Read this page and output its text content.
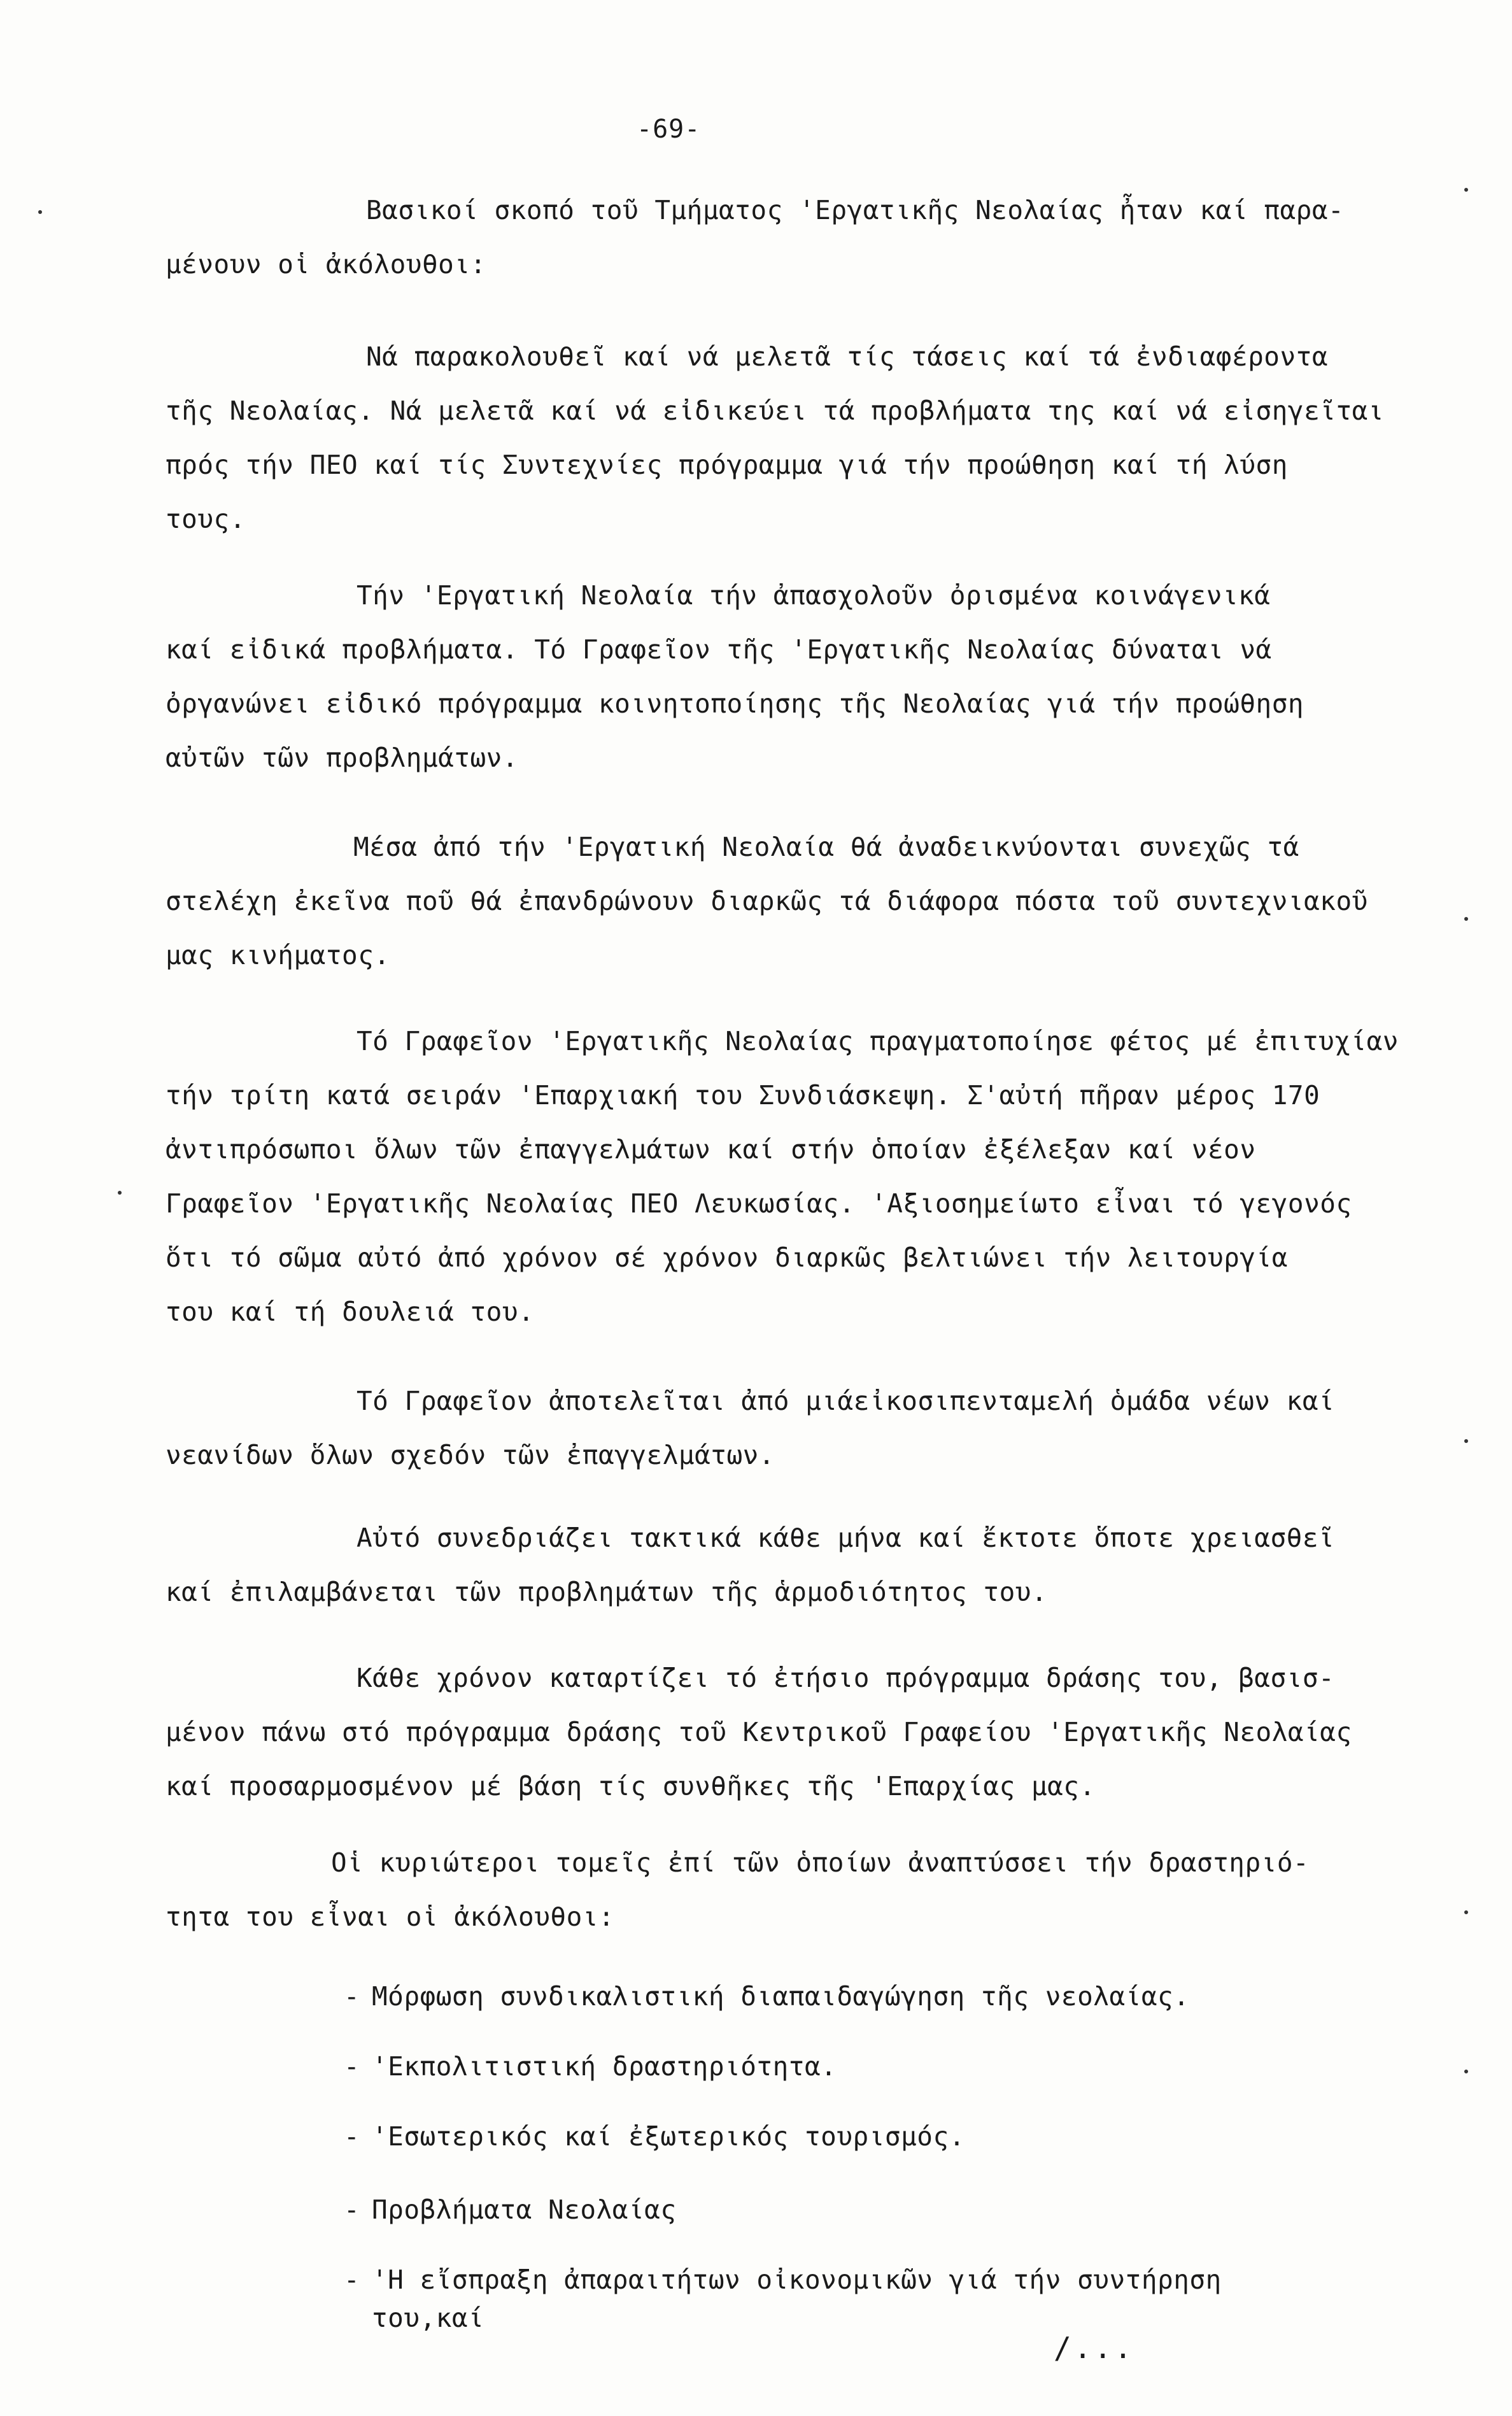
-69-
Βασικοί σκοπό τοῦ Τμήματος 'Εργατικῆς Νεολαίας ἦταν καί παρα-
μένουν οἱ ἀκόλουθοι:
Νά παρακολουθεῖ καί νά μελετᾶ τίς τάσεις καί τά ἐνδιαφέροντα
τῆς Νεολαίας. Νά μελετᾶ καί νά εἰδικεύει τά προβλήματα της καί νά εἰσηγεῖται
πρός τήν ΠΕΟ καί τίς Συντεχνίες πρόγραμμα γιά τήν προώθηση καί τή λύση
τους.
Τήν 'Εργατική Νεολαία τήν ἀπασχολοῦν ὀρισμένα κοινάγενικά
καί εἰδικά προβλήματα. Τό Γραφεῖον τῆς 'Εργατικῆς Νεολαίας δύναται νά
ὀργανώνει εἰδικό πρόγραμμα κοινητοποίησης τῆς Νεολαίας γιά τήν προώθηση
αὐτῶν τῶν προβλημάτων.
Μέσα ἀπό τήν 'Εργατική Νεολαία θά ἀναδεικνύονται συνεχῶς τά
στελέχη ἐκεῖνα ποῦ θά ἐπανδρώνουν διαρκῶς τά διάφορα πόστα τοῦ συντεχνιακοῦ
μας κινήματος.
Τό Γραφεῖον 'Εργατικῆς Νεολαίας πραγματοποίησε φέτος μέ ἐπιτυχίαν
τήν τρίτη κατά σειράν 'Επαρχιακή του Συνδιάσκεψη. Σ'αὐτή πῆραν μέρος 170
ἀντιπρόσωποι ὅλων τῶν ἐπαγγελμάτων καί στήν ὁποίαν ἐξέλεξαν καί νέον
Γραφεῖον 'Εργατικῆς Νεολαίας ΠΕΟ Λευκωσίας. 'Αξιοσημείωτο εἶναι τό γεγονός
ὅτι τό σῶμα αὐτό ἀπό χρόνον σέ χρόνον διαρκῶς βελτιώνει τήν λειτουργία
του καί τή δουλειά του.
Τό Γραφεῖον ἀποτελεῖται ἀπό μιάεἰκοσιπενταμελή ὁμάδα νέων καί
νεανίδων ὅλων σχεδόν τῶν ἐπαγγελμάτων.
Αὐτό συνεδριάζει τακτικά κάθε μήνα καί ἔκτοτε ὅποτε χρειασθεῖ
καί ἐπιλαμβάνεται τῶν προβλημάτων τῆς ἁρμοδιότητος του.
Κάθε χρόνον καταρτίζει τό ἐτήσιο πρόγραμμα δράσης του, βασισ-
μένον πάνω στό πρόγραμμα δράσης τοῦ Κεντρικοῦ Γραφείου 'Εργατικῆς Νεολαίας
καί προσαρμοσμένον μέ βάση τίς συνθῆκες τῆς 'Επαρχίας μας.
Οἱ κυριώτεροι τομεῖς ἐπί τῶν ὁποίων ἀναπτύσσει τήν δραστηριό-
τητα του εἶναι οἱ ἀκόλουθοι:
- Μόρφωση συνδικαλιστική διαπαιδαγώγηση τῆς νεολαίας.
- 'Εκπολιτιστική δραστηριότητα.
- 'Εσωτερικός καί ἐξωτερικός τουρισμός.
- Προβλήματα Νεολαίας
- 'Η εἴσπραξη ἀπαραιτήτων οἰκονομικῶν γιά τήν συντήρηση
του,καί
/...
